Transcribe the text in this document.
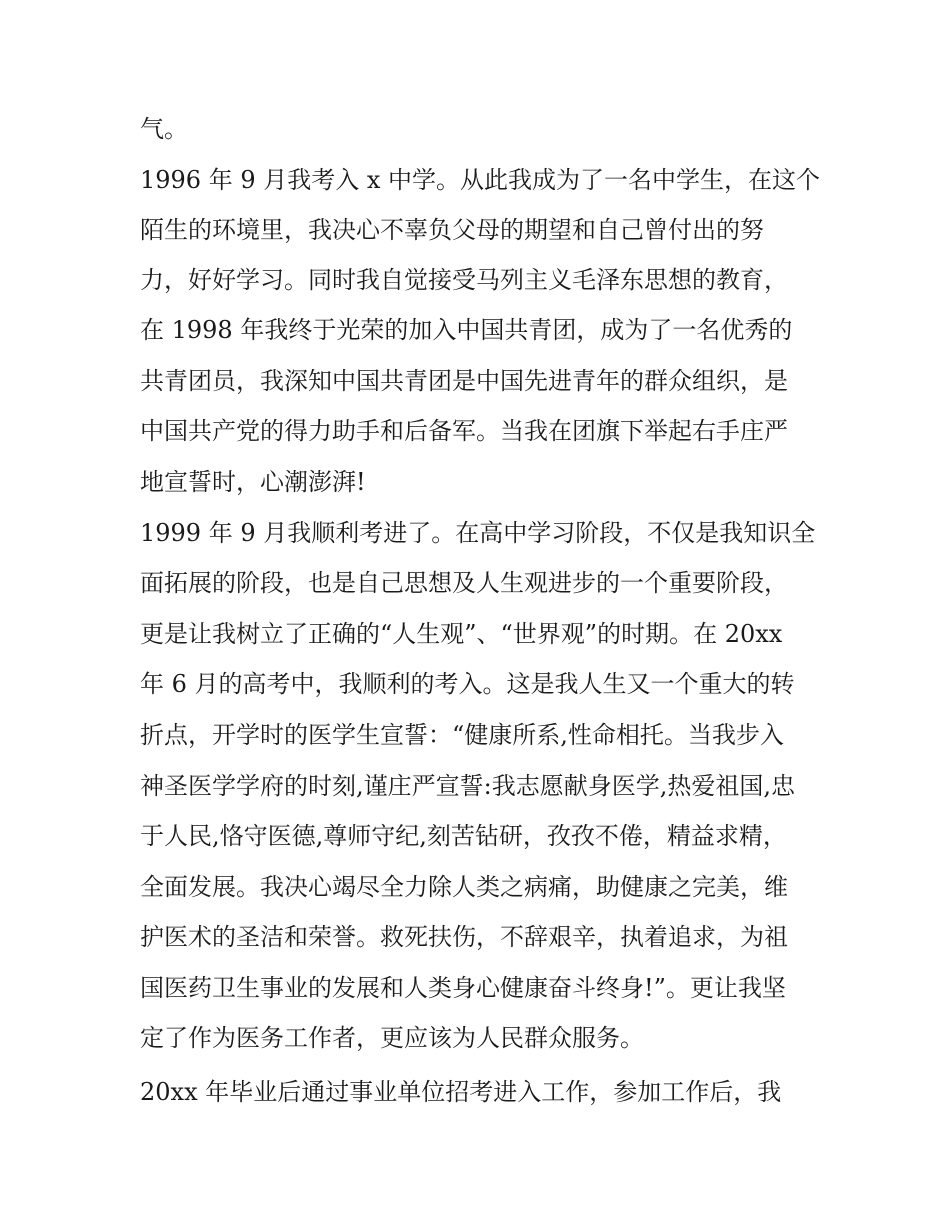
气。
1996 年 9 月我考入 x 中学。从此我成为了一名中学生，在这个
陌生的环境里，我决心不辜负父母的期望和自己曾付出的努
力，好好学习。同时我自觉接受马列主义毛泽东思想的教育，
在 1998 年我终于光荣的加入中国共青团，成为了一名优秀的
共青团员，我深知中国共青团是中国先进青年的群众组织，是
中国共产党的得力助手和后备军。当我在团旗下举起右手庄严
地宣誓时，心潮澎湃!
1999 年 9 月我顺利考进了。在高中学习阶段，不仅是我知识全
面拓展的阶段，也是自己思想及人生观进步的一个重要阶段，
更是让我树立了正确的“人生观”、“世界观”的时期。在 20xx
年 6 月的高考中，我顺利的考入。这是我人生又一个重大的转
折点，开学时的医学生宣誓：“健康所系,性命相托。当我步入
神圣医学学府的时刻,谨庄严宣誓:我志愿献身医学,热爱祖国,忠
于人民,恪守医德,尊师守纪,刻苦钻研，孜孜不倦，精益求精，
全面发展。我决心竭尽全力除人类之病痛，助健康之完美，维
护医术的圣洁和荣誉。救死扶伤，不辞艰辛，执着追求，为祖
国医药卫生事业的发展和人类身心健康奋斗终身!”。更让我坚
定了作为医务工作者，更应该为人民群众服务。
20xx 年毕业后通过事业单位招考进入工作，参加工作后，我
